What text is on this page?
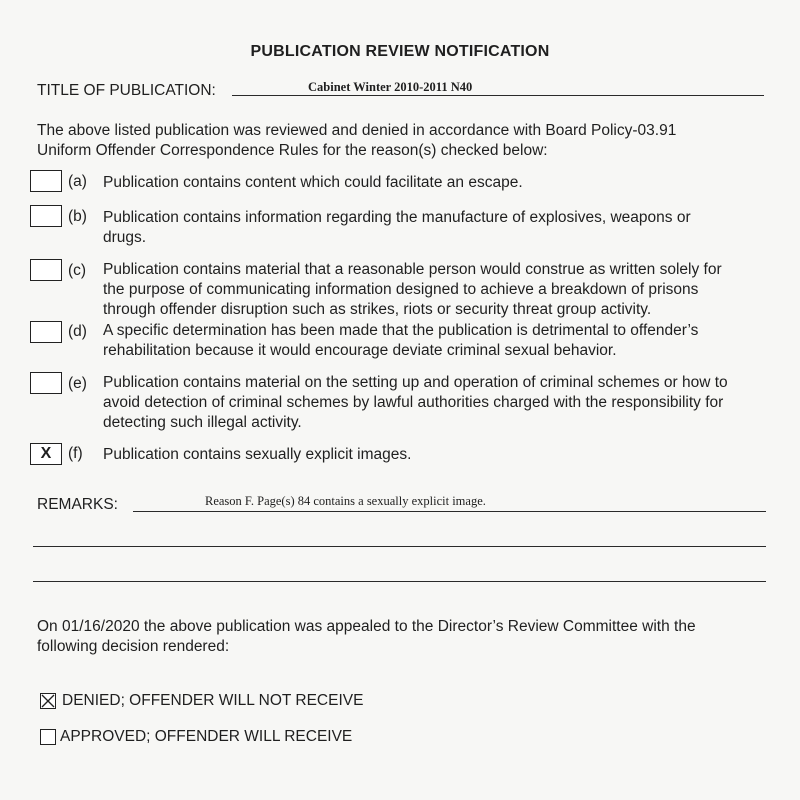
PUBLICATION REVIEW NOTIFICATION
TITLE OF PUBLICATION:	Cabinet Winter 2010-2011 N40
The above listed publication was reviewed and denied in accordance with Board Policy-03.91
Uniform Offender Correspondence Rules for the reason(s) checked below:
(a) Publication contains content which could facilitate an escape.
(b) Publication contains information regarding the manufacture of explosives, weapons or
drugs.
(c) Publication contains material that a reasonable person would construe as written solely for
the purpose of communicating information designed to achieve a breakdown of prisons
through offender disruption such as strikes, riots or security threat group activity.
(d) A specific determination has been made that the publication is detrimental to offender’s
rehabilitation because it would encourage deviate criminal sexual behavior.
(e) Publication contains material on the setting up and operation of criminal schemes or how to
avoid detection of criminal schemes by lawful authorities charged with the responsibility for
detecting such illegal activity.
X	(f) Publication contains sexually explicit images.
REMARKS:	Reason F. Page(s) 84 contains a sexually explicit image.
On 01/16/2020 the above publication was appealed to the Director’s Review Committee with the
following decision rendered:
DENIED; OFFENDER WILL NOT RECEIVE
APPROVED; OFFENDER WILL RECEIVE
